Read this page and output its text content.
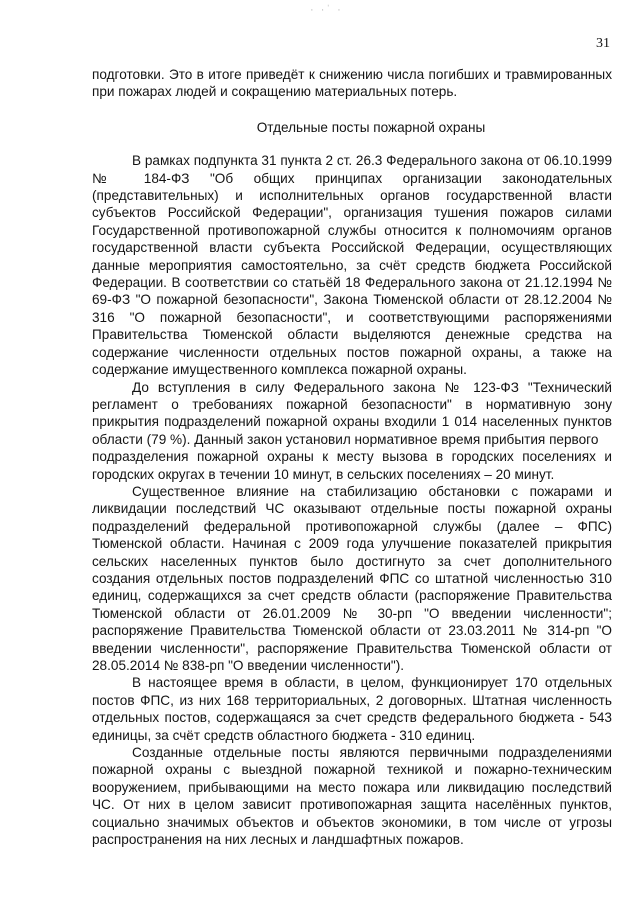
· ·ˈ ·
31

подготовки. Это в итоге приведёт к снижению числа погибших и травмированных при пожарах людей и сокращению материальных потерь.

Отдельные посты пожарной охраны

В рамках подпункта 31 пункта 2 ст. 26.3 Федерального закона от 06.10.1999 № 184-ФЗ "Об общих принципах организации законодательных (представительных) и исполнительных органов государственной власти субъектов Российской Федерации", организация тушения пожаров силами Государственной противопожарной службы относится к полномочиям органов государственной власти субъекта Российской Федерации, осуществляющих данные мероприятия самостоятельно, за счёт средств бюджета Российской Федерации. В соответствии со статьёй 18 Федерального закона от 21.12.1994 № 69-ФЗ "О пожарной безопасности", Закона Тюменской области от 28.12.2004 № 316 "О пожарной безопасности", и соответствующими распоряжениями Правительства Тюменской области выделяются денежные средства на содержание численности отдельных постов пожарной охраны, а также на содержание имущественного комплекса пожарной охраны.

До вступления в силу Федерального закона № 123-ФЗ "Технический регламент о требованиях пожарной безопасности" в нормативную зону прикрытия подразделений пожарной охраны входили 1 014 населенных пунктов области (79 %). Данный закон установил нормативное время прибытия первого

подразделения пожарной охраны к месту вызова в городских поселениях и городских округах в течении 10 минут, в сельских поселениях – 20 минут.

Существенное влияние на стабилизацию обстановки с пожарами и ликвидации последствий ЧС оказывают отдельные посты пожарной охраны подразделений федеральной противопожарной службы (далее – ФПС) Тюменской области. Начиная с 2009 года улучшение показателей прикрытия сельских населенных пунктов было достигнуто за счет дополнительного создания отдельных постов подразделений ФПС со штатной численностью 310 единиц, содержащихся за счет средств области (распоряжение Правительства Тюменской области от 26.01.2009 № 30-рп "О введении численности"; распоряжение Правительства Тюменской области от 23.03.2011 № 314-рп "О введении численности", распоряжение Правительства Тюменской области от 28.05.2014 № 838-рп "О введении численности").

В настоящее время в области, в целом, функционирует 170 отдельных постов ФПС, из них 168 территориальных, 2 договорных. Штатная численность отдельных постов, содержащаяся за счет средств федерального бюджета - 543 единицы, за счёт средств областного бюджета - 310 единиц.

Созданные отдельные посты являются первичными подразделениями пожарной охраны с выездной пожарной техникой и пожарно-техническим вооружением, прибывающими на место пожара или ликвидацию последствий ЧС. От них в целом зависит противопожарная защита населённых пунктов, социально значимых объектов и объектов экономики, в том числе от угрозы распространения на них лесных и ландшафтных пожаров.
